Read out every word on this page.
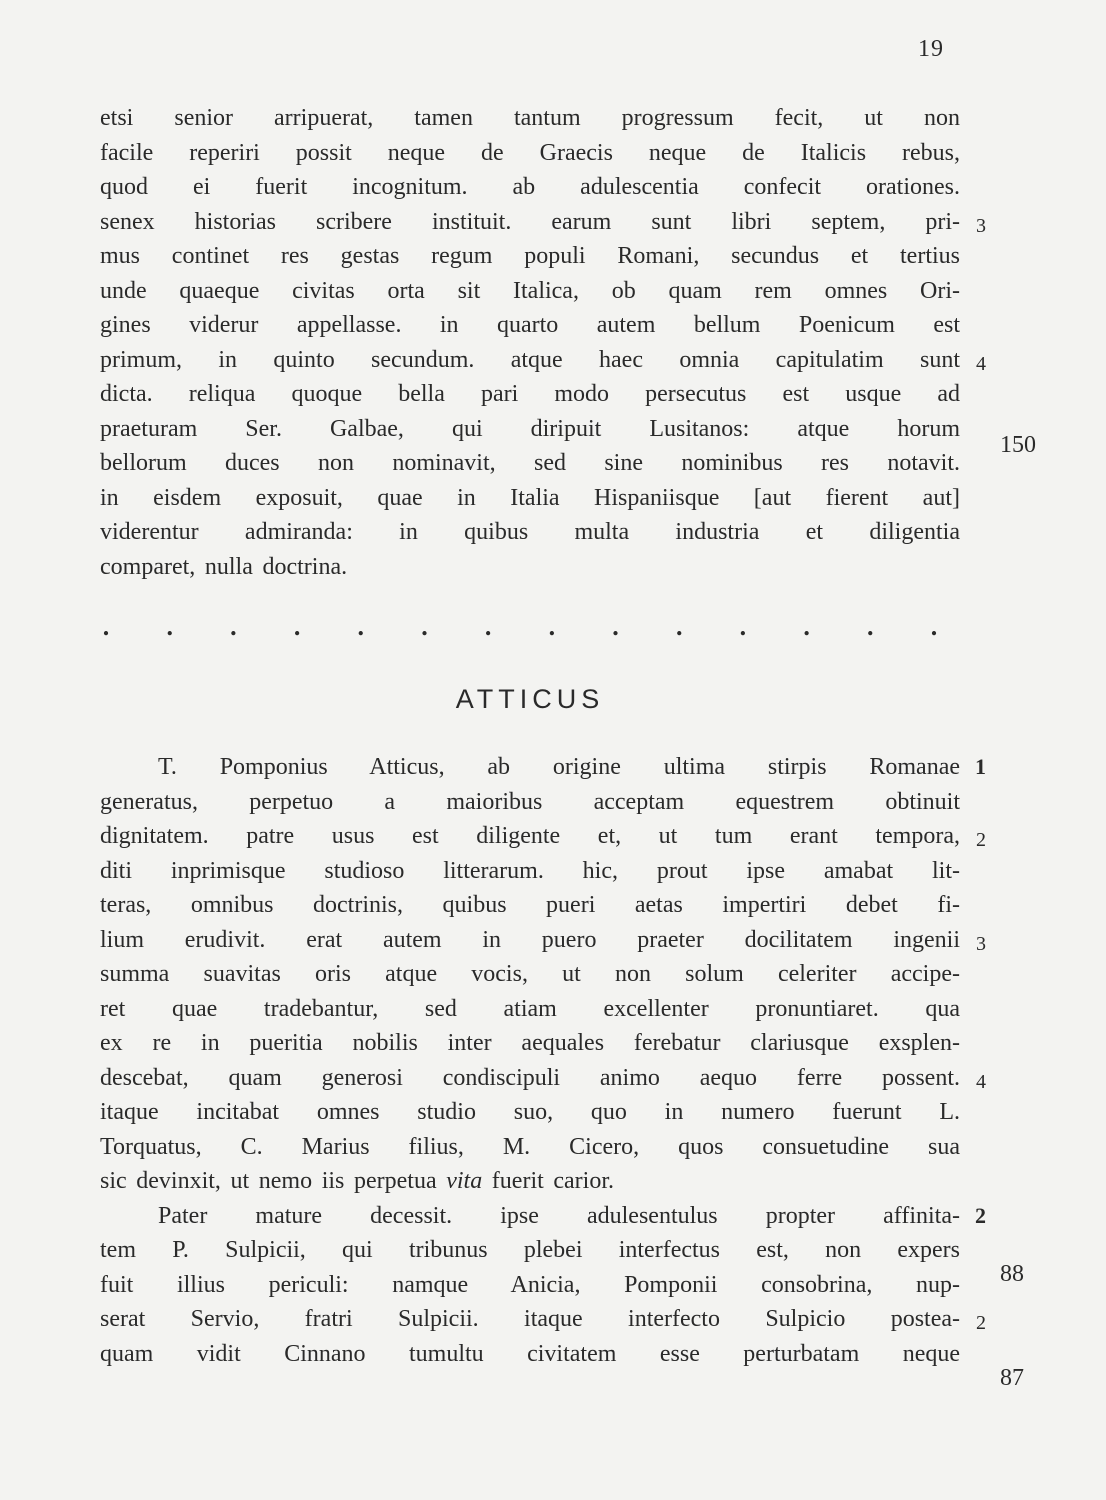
19
etsi senior arripuerat, tamen tantum progressum fecit, ut non
facile reperiri possit neque de Graecis neque de Italicis rebus,
quod ei fuerit incognitum. ab adulescentia confecit orationes.
senex historias scribere instituit. earum sunt libri septem, pri- 3
mus continet res gestas regum populi Romani, secundus et tertius
unde quaeque civitas orta sit Italica, ob quam rem omnes Ori-
gines viderur appellasse. in quarto autem bellum Poenicum est
primum, in quinto secundum. atque haec omnia capitulatim sunt 4
dicta. reliqua quoque bella pari modo persecutus est usque ad
praeturam Ser. Galbae, qui diripuit Lusitanos: atque horum
bellorum duces non nominavit, sed sine nominibus res notavit.
in eisdem exposuit, quae in Italia Hispaniisque [aut fierent aut]
viderentur admiranda: in quibus multa industria et diligentia
comparet, nulla doctrina.
150
. . . . . . . . . . . . . .
ATTICUS
T. Pomponius Atticus, ab origine ultima stirpis Romanae 1
generatus, perpetuo a maioribus acceptam equestrem obtinuit
dignitatem. patre usus est diligente et, ut tum erant tempora, 2
diti inprimisque studioso litterarum. hic, prout ipse amabat lit-
teras, omnibus doctrinis, quibus pueri aetas impertiri debet fi-
lium erudivit. erat autem in puero praeter docilitatem ingenii 3
summa suavitas oris atque vocis, ut non solum celeriter accipe-
ret quae tradebantur, sed atiam excellenter pronuntiaret. qua
ex re in pueritia nobilis inter aequales ferebatur clariusque exsplen-
descebat, quam generosi condiscipuli animo aequo ferre possent. 4
itaque incitabat omnes studio suo, quo in numero fuerunt L.
Torquatus, C. Marius filius, M. Cicero, quos consuetudine sua
sic devinxit, ut nemo iis perpetua vita fuerit carior.
Pater mature decessit. ipse adulesentulus propter affinita- 2
tem P. Sulpicii, qui tribunus plebei interfectus est, non expers
fuit illius periculi: namque Anicia, Pomponii consobrina, nup-
serat Servio, fratri Sulpicii. itaque interfecto Sulpicio postea- 2
quam vidit Cinnano tumultu civitatem esse perturbatam neque
88
87
